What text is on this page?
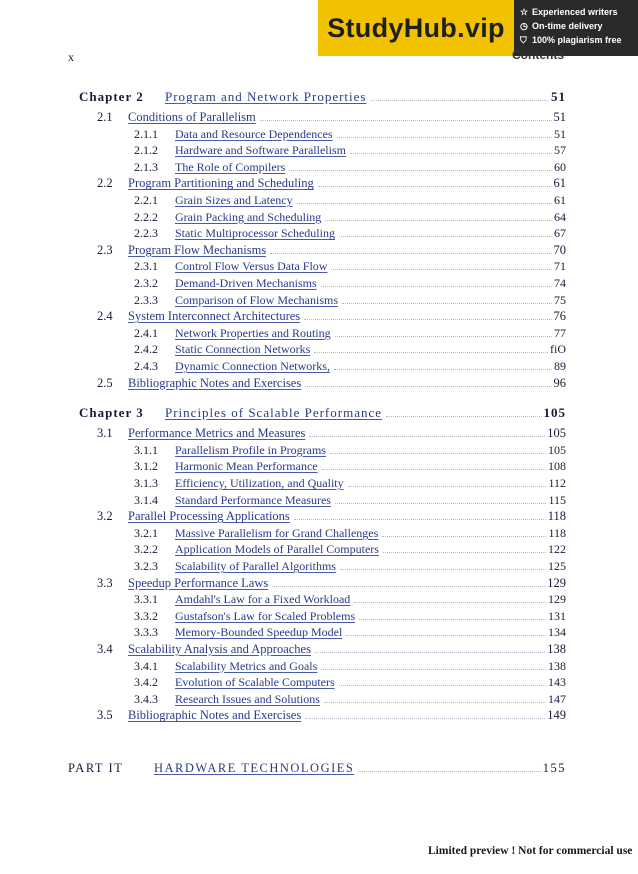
StudyHub.vip
☆ Experienced writers
◷ On-time delivery
⛉ 100% plagiarism free
x	Contents
Chapter 2	Program and Network Properties	51
2.1	Conditions of Parallelism	51
2.1.1	Data and Resource Dependences	51
2.1.2	Hardware and Software Parallelism	57
2.1.3	The Role of Compilers	60
2.2	Program Partitioning and Scheduling	61
2.2.1	Grain Sizes and Latency	61
2.2.2	Grain Packing and Scheduling	64
2.2.3	Static Multiprocessor Scheduling	67
2.3	Program Flow Mechanisms	70
2.3.1	Control Flow Versus Data Flow	71
2.3.2	Demand-Driven Mechanisms	74
2.3.3	Comparison of Flow Mechanisms	75
2.4	System Interconnect Architectures	76
2.4.1	Network Properties and Routing	77
2.4.2	Static Connection Networks	fiO
2.4.3	Dynamic Connection Networks,	89
2.5	Bibliographic Notes and Exercises	96
Chapter 3	Principles of Scalable Performance	105
3.1	Performance Metrics and Measures	105
3.1.1	Parallelism Profile in Programs	105
3.1.2	Harmonic Mean Performance	108
3.1.3	Efficiency, Utilization, and Quality	112
3.1.4	Standard Performance Measures	115
3.2	Parallel Processing Applications	118
3.2.1	Massive Parallelism for Grand Challenges	118
3.2.2	Application Models of Parallel Computers	122
3.2.3	Scalability of Parallel Algorithms	125
3.3	Speedup Performance Laws	129
3.3.1	Amdahl's Law for a Fixed Workload	129
3.3.2	Gustafson's Law for Scaled Problems	131
3.3.3	Memory-Bounded Speedup Model	134
3.4	Scalability Analysis and Approaches	138
3.4.1	Scalability Metrics and Goals	138
3.4.2	Evolution of Scalable Computers	143
3.4.3	Research Issues and Solutions	147
3.5	Bibliographic Notes and Exercises	149
PART IT	HARDWARE TECHNOLOGIES	155
Limited preview ! Not for commercial use
